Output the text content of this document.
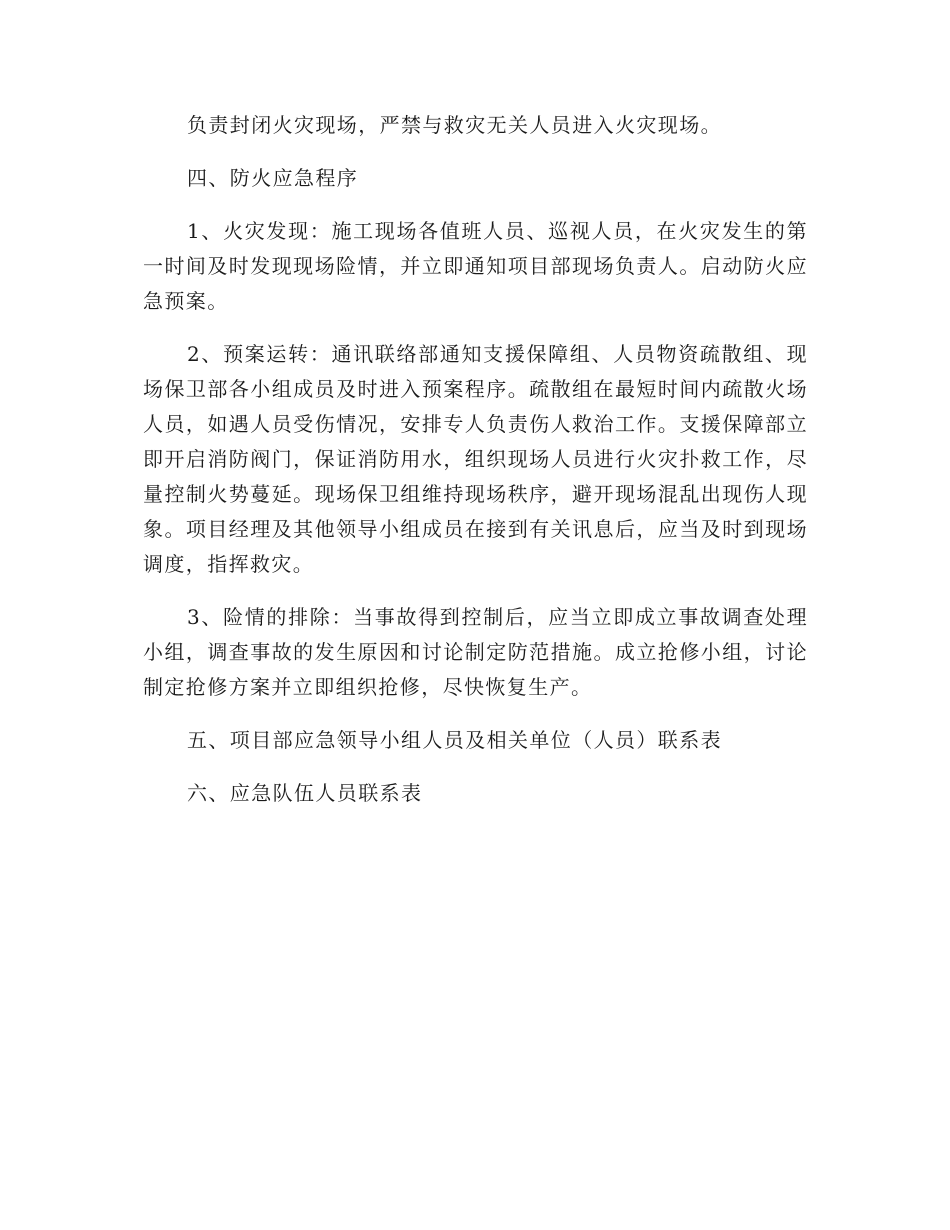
负责封闭火灾现场，严禁与救灾无关人员进入火灾现场。

四、防火应急程序

1、火灾发现：施工现场各值班人员、巡视人员，在火灾发生的第一时间及时发现现场险情，并立即通知项目部现场负责人。启动防火应急预案。

2、预案运转：通讯联络部通知支援保障组、人员物资疏散组、现场保卫部各小组成员及时进入预案程序。疏散组在最短时间内疏散火场人员，如遇人员受伤情况，安排专人负责伤人救治工作。支援保障部立即开启消防阀门，保证消防用水，组织现场人员进行火灾扑救工作，尽量控制火势蔓延。现场保卫组维持现场秩序，避开现场混乱出现伤人现象。项目经理及其他领导小组成员在接到有关讯息后，应当及时到现场调度，指挥救灾。

3、险情的排除：当事故得到控制后，应当立即成立事故调查处理小组，调查事故的发生原因和讨论制定防范措施。成立抢修小组，讨论制定抢修方案并立即组织抢修，尽快恢复生产。

五、项目部应急领导小组人员及相关单位（人员）联系表

六、应急队伍人员联系表
